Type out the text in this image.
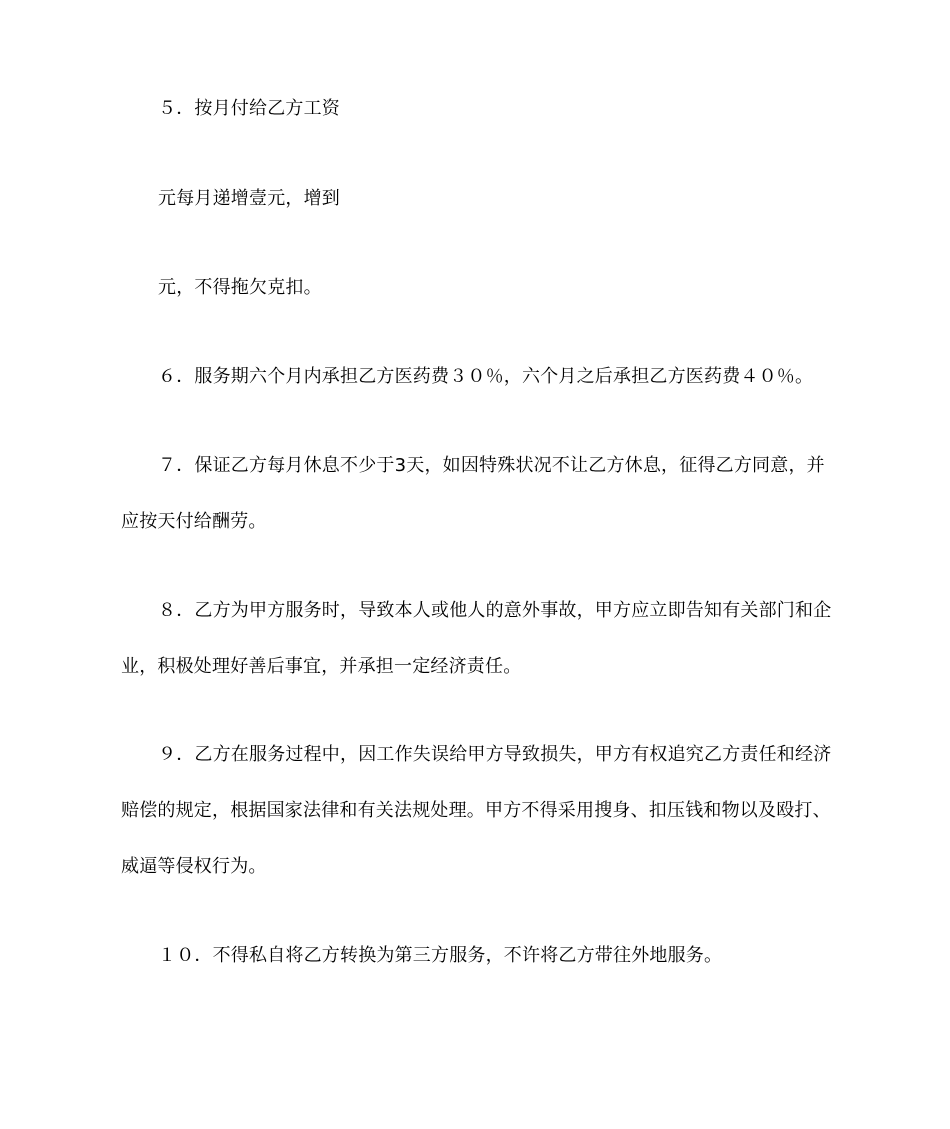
５．按月付给乙方工资
元每月递增壹元，增到
元，不得拖欠克扣。
６．服务期六个月内承担乙方医药费３０％，六个月之后承担乙方医药费４０％。
７．保证乙方每月休息不少于3天，如因特殊状况不让乙方休息，征得乙方同意，并
应按天付给酬劳。
８．乙方为甲方服务时，导致本人或他人的意外事故，甲方应立即告知有关部门和企
业，积极处理好善后事宜，并承担一定经济责任。
９．乙方在服务过程中，因工作失误给甲方导致损失，甲方有权追究乙方责任和经济
赔偿的规定，根据国家法律和有关法规处理。甲方不得采用搜身、扣压钱和物以及殴打、
威逼等侵权行为。
１０．不得私自将乙方转换为第三方服务，不许将乙方带往外地服务。
